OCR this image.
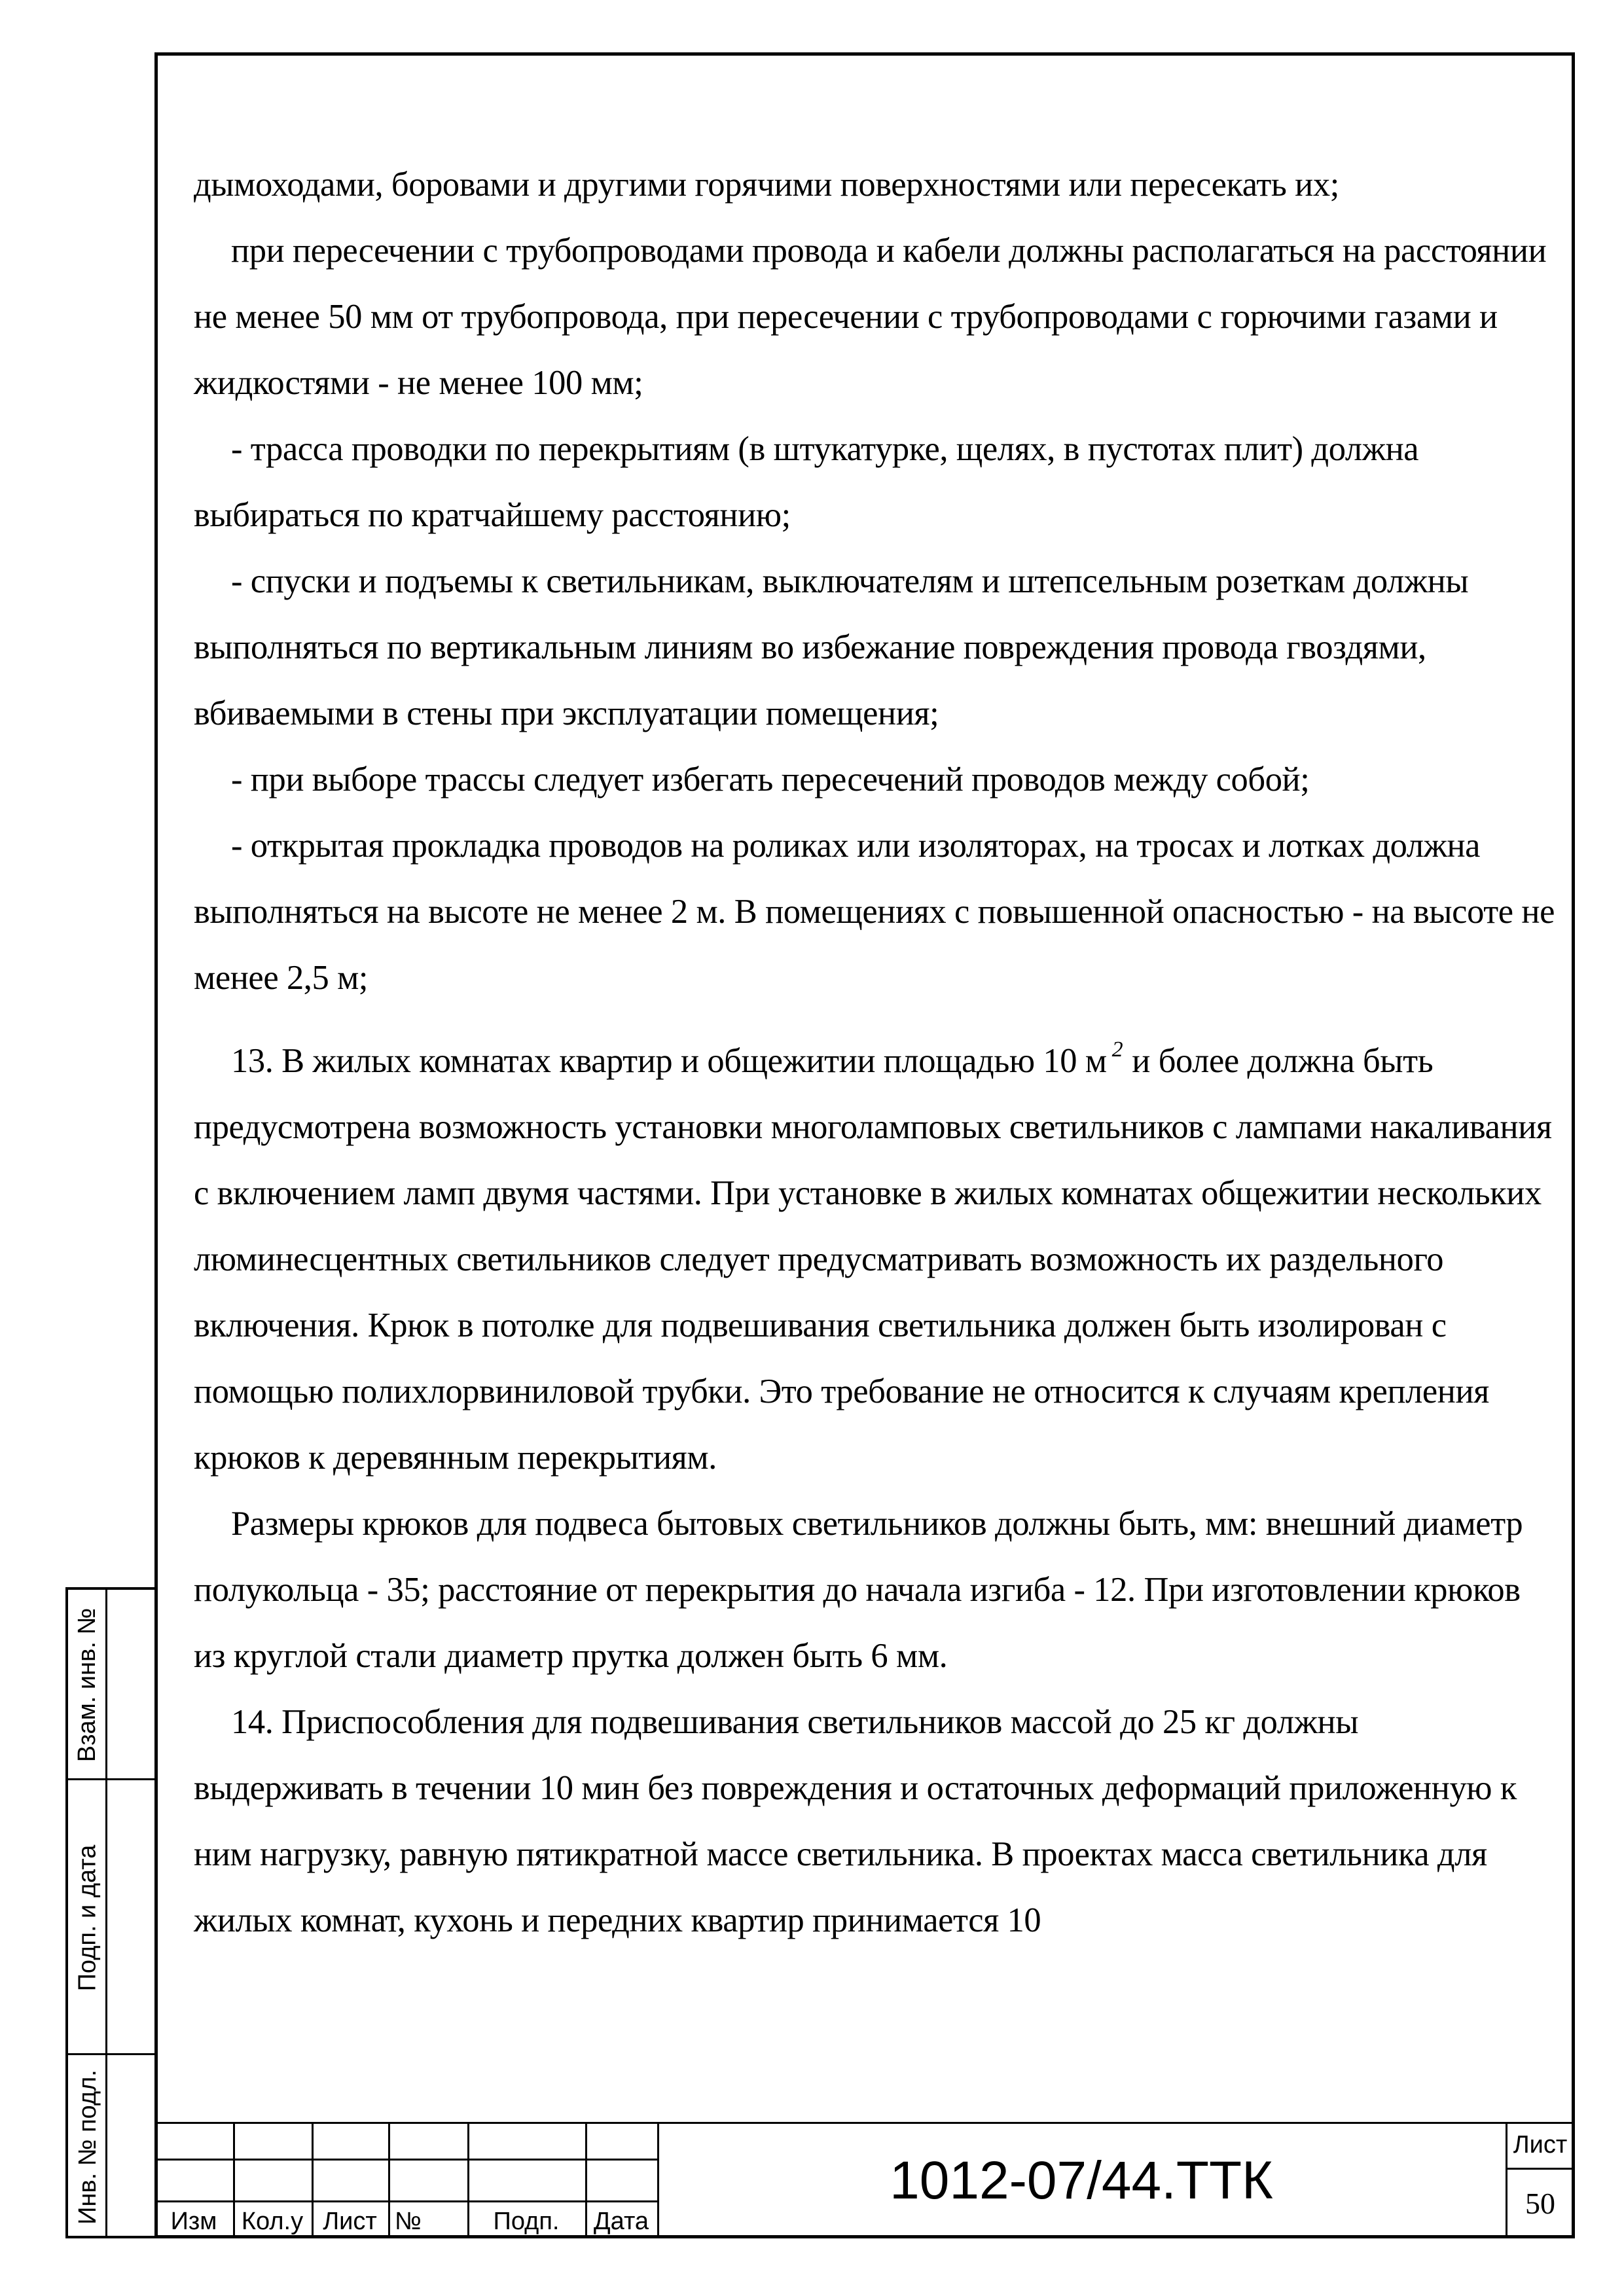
Взам. инв. №
Подп. и дата
Инв. № подл.

дымоходами, боровами и другими горячими поверхностями или пересекать их;

при пересечении с трубопроводами провода и кабели должны располагаться на расстоянии не менее 50 мм от трубопровода, при пересечении с трубопроводами с горючими газами и жидкостями - не менее 100 мм;

- трасса проводки по перекрытиям (в штукатурке, щелях, в пустотах плит) должна выбираться по кратчайшему расстоянию;

- спуски и подъемы к светильникам, выключателям и штепсельным розеткам должны выполняться по вертикальным линиям во избежание повреждения провода гвоздями, вбиваемыми в стены при эксплуатации помещения;

- при выборе трассы следует избегать пересечений проводов между собой;

- открытая прокладка проводов на роликах или изоляторах, на тросах и лотках должна выполняться на высоте не менее 2 м. В помещениях с повышенной опасностью - на высоте не менее 2,5 м;

13. В жилых комнатах квартир и общежитии площадью 10 м $^2$ и более должна быть предусмотрена возможность установки многоламповых светильников с лампами накаливания с включением ламп двумя частями. При установке в жилых комнатах общежитии нескольких люминесцентных светильников следует предусматривать возможность их раздельного включения. Крюк в потолке для подвешивания светильника должен быть изолирован с помощью полихлорвиниловой трубки. Это требование не относится к случаям крепления крюков к деревянным перекрытиям.

Размеры крюков для подвеса бытовых светильников должны быть, мм: внешний диаметр полукольца - 35; расстояние от перекрытия до начала изгиба - 12. При изготовлении крюков из круглой стали диаметр прутка должен быть 6 мм.

14. Приспособления для подвешивания светильников массой до 25 кг должны выдерживать в течении 10 мин без повреждения и остаточных деформаций приложенную к ним нагрузку, равную пятикратной массе светильника. В проектах масса светильника для жилых комнат, кухонь и передних квартир принимается 10

Изм Кол.у Лист №	Подп.	Дата
1012-07/44.ТТК
Лист
50
